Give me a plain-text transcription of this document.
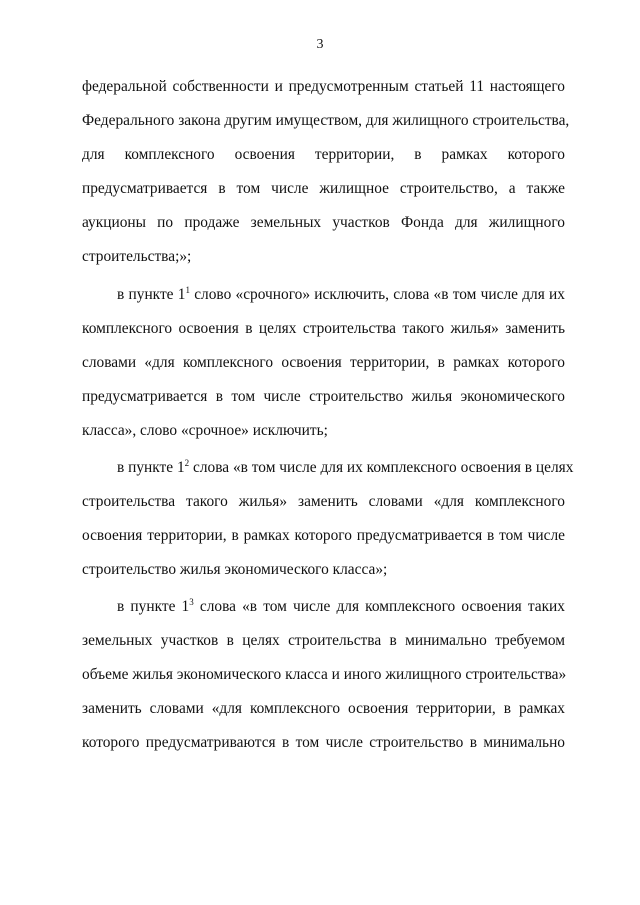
3
федеральной собственности и предусмотренным статьей 11 настоящего
Федерального закона другим имуществом, для жилищного строительства,
для комплексного освоения территории, в рамках которого
предусматривается в том числе жилищное строительство, а также
аукционы по продаже земельных участков Фонда для жилищного
строительства;»;
в пункте $1^1$ слово «срочного» исключить, слова «в том числе для их
комплексного освоения в целях строительства такого жилья» заменить
словами «для комплексного освоения территории, в рамках которого
предусматривается в том числе строительство жилья экономического
класса», слово «срочное» исключить;
в пункте $1^2$ слова «в том числе для их комплексного освоения в целях
строительства такого жилья» заменить словами «для комплексного
освоения территории, в рамках которого предусматривается в том числе
строительство жилья экономического класса»;
в пункте $1^3$ слова «в том числе для комплексного освоения таких
земельных участков в целях строительства в минимально требуемом
объеме жилья экономического класса и иного жилищного строительства»
заменить словами «для комплексного освоения территории, в рамках
которого предусматриваются в том числе строительство в минимально
